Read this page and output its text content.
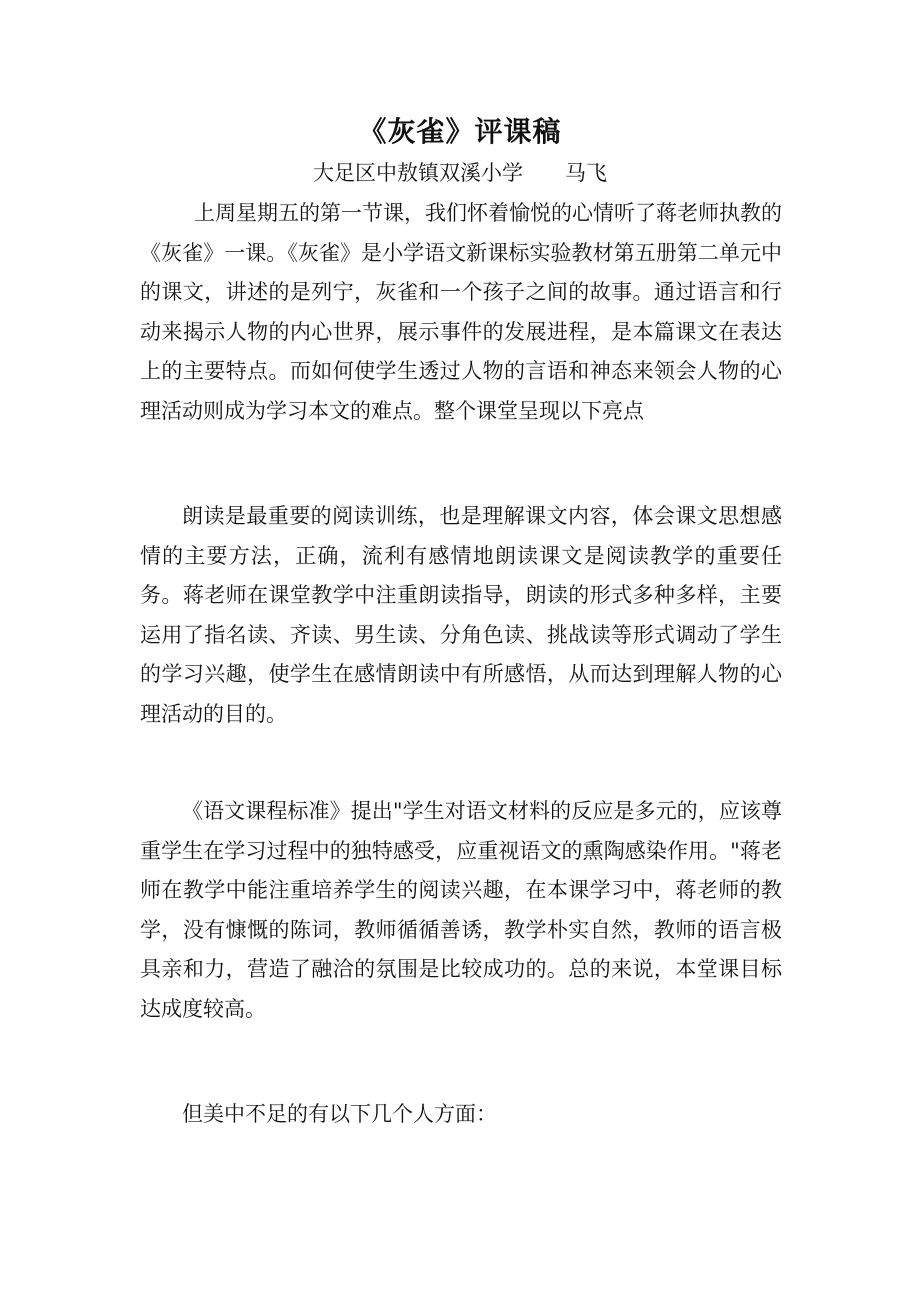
《灰雀》评课稿
大足区中敖镇双溪小学 马飞

上周星期五的第一节课，我们怀着愉悦的心情听了蒋老师执教的《灰雀》一课。《灰雀》是小学语文新课标实验教材第五册第二单元中的课文，讲述的是列宁，灰雀和一个孩子之间的故事。通过语言和行动来揭示人物的内心世界，展示事件的发展进程，是本篇课文在表达上的主要特点。而如何使学生透过人物的言语和神态来领会人物的心理活动则成为学习本文的难点。整个课堂呈现以下亮点

朗读是最重要的阅读训练，也是理解课文内容，体会课文思想感情的主要方法，正确，流利有感情地朗读课文是阅读教学的重要任务。蒋老师在课堂教学中注重朗读指导，朗读的形式多种多样，主要运用了指名读、齐读、男生读、分角色读、挑战读等形式调动了学生的学习兴趣，使学生在感情朗读中有所感悟，从而达到理解人物的心理活动的目的。

《语文课程标准》提出"学生对语文材料的反应是多元的，应该尊重学生在学习过程中的独特感受，应重视语文的熏陶感染作用。"蒋老师在教学中能注重培养学生的阅读兴趣，在本课学习中，蒋老师的教学，没有慷慨的陈词，教师循循善诱，教学朴实自然，教师的语言极具亲和力，营造了融洽的氛围是比较成功的。总的来说，本堂课目标达成度较高。

但美中不足的有以下几个人方面：
